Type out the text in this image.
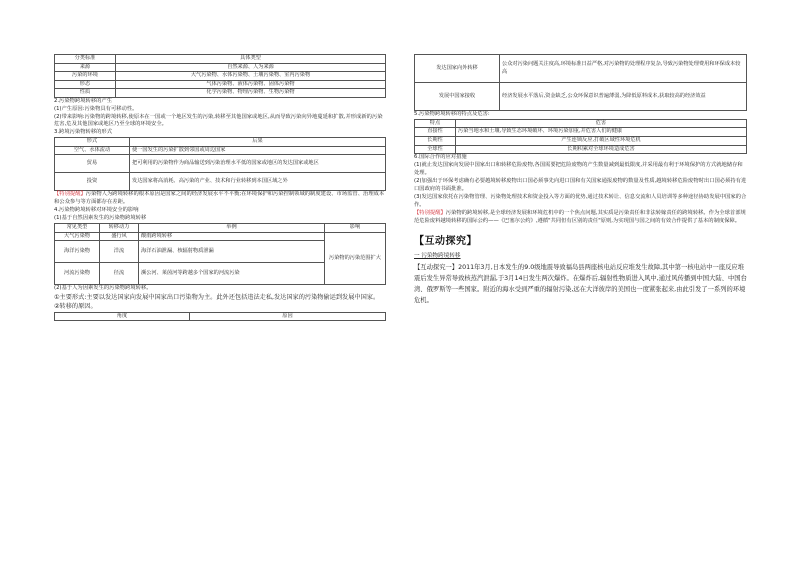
分类标准	具体类型
来源	自然来源、人为来源
污染的环境	大气污染物、水体污染物、土壤污染物、室内污染物
形态	气体污染物、液体污染物、固体污染物
性质	化学污染物、物理污染物、生物污染物

2.污染物跨境转移的产生

(1)产生原因:污染物具有可移动性。

(2)带来影响:污染物的跨境转移,使原本在一国或一个地区发生的污染,转移至其他国家或地区,从而导致污染向异地蔓延和扩散,并形成新的污染危害,危及其他国家或地区乃至全球的环境安全。

3.跨境污染物转移的形式

形式	后果
空气、水体流动	使一国发生的污染扩散到邻国或周边国家
贸易	把可利用的污染物作为商品输送到污染治理水平低的国家或地区的发达国家或地区
投资	发达国家将高消耗、高污染的产业、技术和行业转移到本国区域之外

【特别提醒】污染物人为跨境转移的根本原因是国家之间的经济发展水平不平衡;在环境保护和污染控制领域的制度建设、市场监管、治理成本和公众参与等方面都存在差距。

4.污染物跨境转移对环境安全的影响

(1)基于自然因素发生的污染物跨境转移

常见类型	转移动力	举例	影响
大气污染物	盛行风	酸雨跨境转移	污染物的污染范围扩大
海洋污染物	洋流	海洋石油泄漏、核辐射物质泄漏	
河流污染物	径流	濒公河、莱茵河等跨越多个国家的河流污染	

(2)基于人为因素发生的污染物跨境转移。

①主要形式:主要以发达国家向发展中国家出口污染物为主。此外还包括违法走私,发达国家的污染物偷运到发展中国家。

②转移的原因。

角度	原因
发达国家向外转移	公众对污染问题关注度高,环境标准日益严格,对污染物的处理程序复杂,导致污染物处理费用和环保成本较高
发展中国家接收	经济发展水平落后,资金缺乏,公众环保意识普遍薄弱,为降低原料成本,获取较高的经济效益

5.污染物跨境转移的特点及危害:

特点	危害
直接性	污染当地水和土壤,导致生态环境破坏、环境污染加重,并危害人们的健康
长期性	产生连锁反应,打破区域性环境危机
全球性	长期积累对全球环境造成危害

6.国际合作的应对措施

(1)就止发达国家向发展中国家出口和转移危险废物,各国需要把危险废物的产生数量减到最低限度,并采用最有利于环境保护的方式就地储存和处理。

(2)加强出于环保考虑确有必要越境转移废物出口国必须事先向进口国和有关国家通报废物的数量及性质,越境转移危险废物时出口国必须持有进口国政府的书面批准。

(3)发达国家依托在污染物管理、污染物处理技术和资金投入等方面的优势,通过技术转让、信息交流和人员培训等多种途径协助发展中国家的合作。

【特别提醒】污染物的跨境转移,是全球经济发展和环境危机中的一个焦点问题,其实质是污染责任和非法转嫁责任的跨境转移。作为全球首部规范危险废料越境转移的国际公约——《巴塞尔公约》,遵循"共同但有区别的责任"原则,为实现国与国之间的有效合作提供了基本的制度保障。

【互动探究】

一 污染物跨境转移

【互动探究一】2011年3月,日本发生的9.0级地震导致福岛县两座核电站反应堆发生故障,其中第一核电站中一座反应堆震后发生异常导致核蒸汽泄漏,于3月14日发生两次爆炸。在爆炸后,辐射性物质进入风中,通过风传播到中国大陆、中国台湾、俄罗斯等一些国家。附近的海水受到严重的辐射污染,远在大洋彼岸的美国也一度紧张起来,由此引发了一系列的环境危机。
